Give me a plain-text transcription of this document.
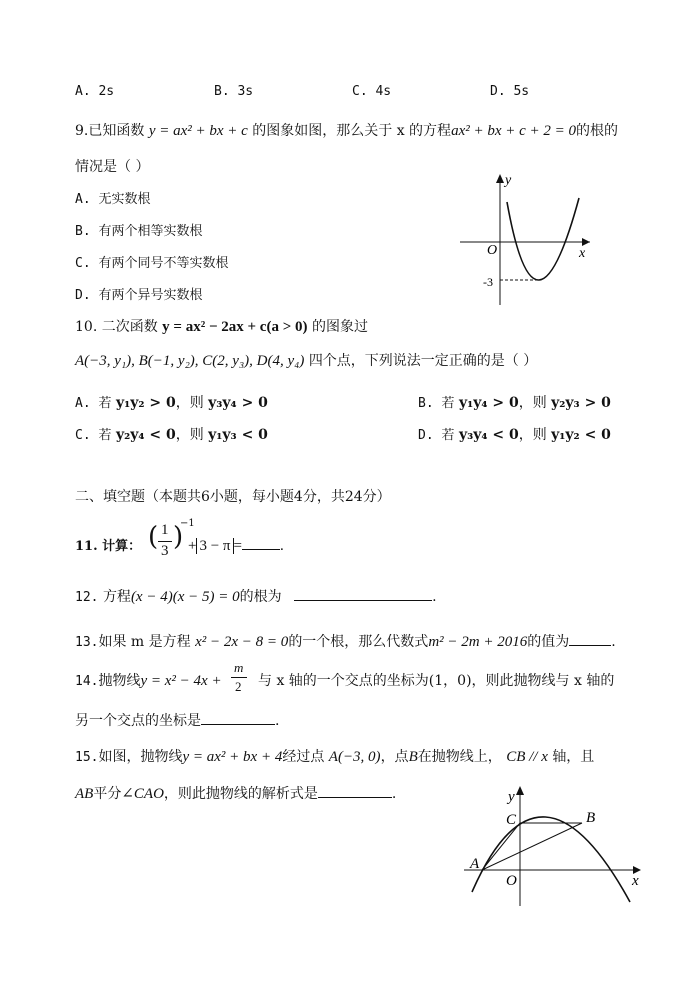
A. 2s	B. 3s	C. 4s	D. 5s
9.已知函数 y = ax² + bx + c 的图象如图，那么关于 x 的方程ax² + bx + c + 2 = 0的根的
情况是（ ）
A. 无实数根
B. 有两个相等实数根
C. 有两个同号不等实数根
D. 有两个异号实数根
y
x
O
-3
10. 二次函数 y = ax² − 2ax + c(a > 0) 的图象过
A(−3, y₁), B(−1, y₂), C(2, y₃), D(4, y₄) 四个点，下列说法一定正确的是（ ）
A. 若 y₁y₂ > 0，则 y₃y₄ > 0	B. 若 y₁y₄ > 0，则 y₂y₃ > 0
C. 若 y₂y₄ < 0，则 y₁y₃ < 0	D. 若 y₃y₄ < 0，则 y₁y₂ < 0
二、填空题（本题共6小题，每小题4分，共24分）
11. 计算： ( 1
3 )
−1
+ 3 − π =	.
12. 方程(x − 4)(x − 5) = 0的根为	.
13.如果 m 是方程 x² − 2x − 8 = 0的一个根，那么代数式m² − 2m + 2016的值为	.
14.抛物线y = x² − 4x +
m
2 与 x 轴的一个交点的坐标为(1，0)，则此抛物线与 x 轴的
另一个交点的坐标是	.
15.如图，抛物线y = ax² + bx + 4经过点 A(−3, 0)，点B在抛物线上， CB // x 轴，且
AB平分∠CAO，则此抛物线的解析式是	.	y
x
O
A
B
C
